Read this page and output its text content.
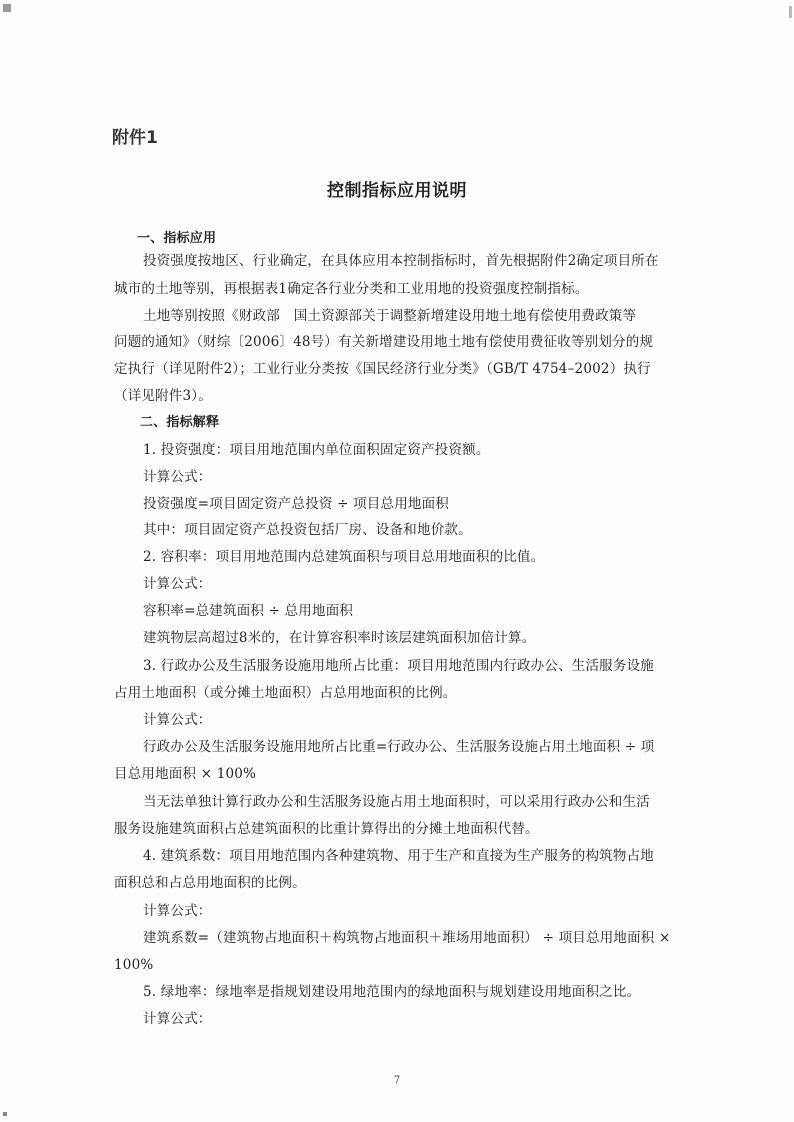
附件1
控制指标应用说明
一、指标应用
投资强度按地区、行业确定，在具体应用本控制指标时，首先根据附件2确定项目所在
城市的土地等别，再根据表1确定各行业分类和工业用地的投资强度控制指标。
土地等别按照《财政部　国土资源部关于调整新增建设用地土地有偿使用费政策等
问题的通知》（财综〔2006〕48号）有关新增建设用地土地有偿使用费征收等别划分的规
定执行（详见附件2）；工业行业分类按《国民经济行业分类》（GB/T 4754–2002）执行
（详见附件3）。
二、指标解释
1. 投资强度：项目用地范围内单位面积固定资产投资额。
计算公式：
投资强度=项目固定资产总投资 ÷ 项目总用地面积
其中：项目固定资产总投资包括厂房、设备和地价款。
2. 容积率：项目用地范围内总建筑面积与项目总用地面积的比值。
计算公式：
容积率=总建筑面积 ÷ 总用地面积
建筑物层高超过8米的，在计算容积率时该层建筑面积加倍计算。
3. 行政办公及生活服务设施用地所占比重：项目用地范围内行政办公、生活服务设施
占用土地面积（或分摊土地面积）占总用地面积的比例。
计算公式：
行政办公及生活服务设施用地所占比重=行政办公、生活服务设施占用土地面积 ÷ 项
目总用地面积 × 100%
当无法单独计算行政办公和生活服务设施占用土地面积时，可以采用行政办公和生活
服务设施建筑面积占总建筑面积的比重计算得出的分摊土地面积代替。
4. 建筑系数：项目用地范围内各种建筑物、用于生产和直接为生产服务的构筑物占地
面积总和占总用地面积的比例。
计算公式：
建筑系数=（建筑物占地面积＋构筑物占地面积＋堆场用地面积） ÷ 项目总用地面积 ×
100%
5. 绿地率：绿地率是指规划建设用地范围内的绿地面积与规划建设用地面积之比。
计算公式：
7
